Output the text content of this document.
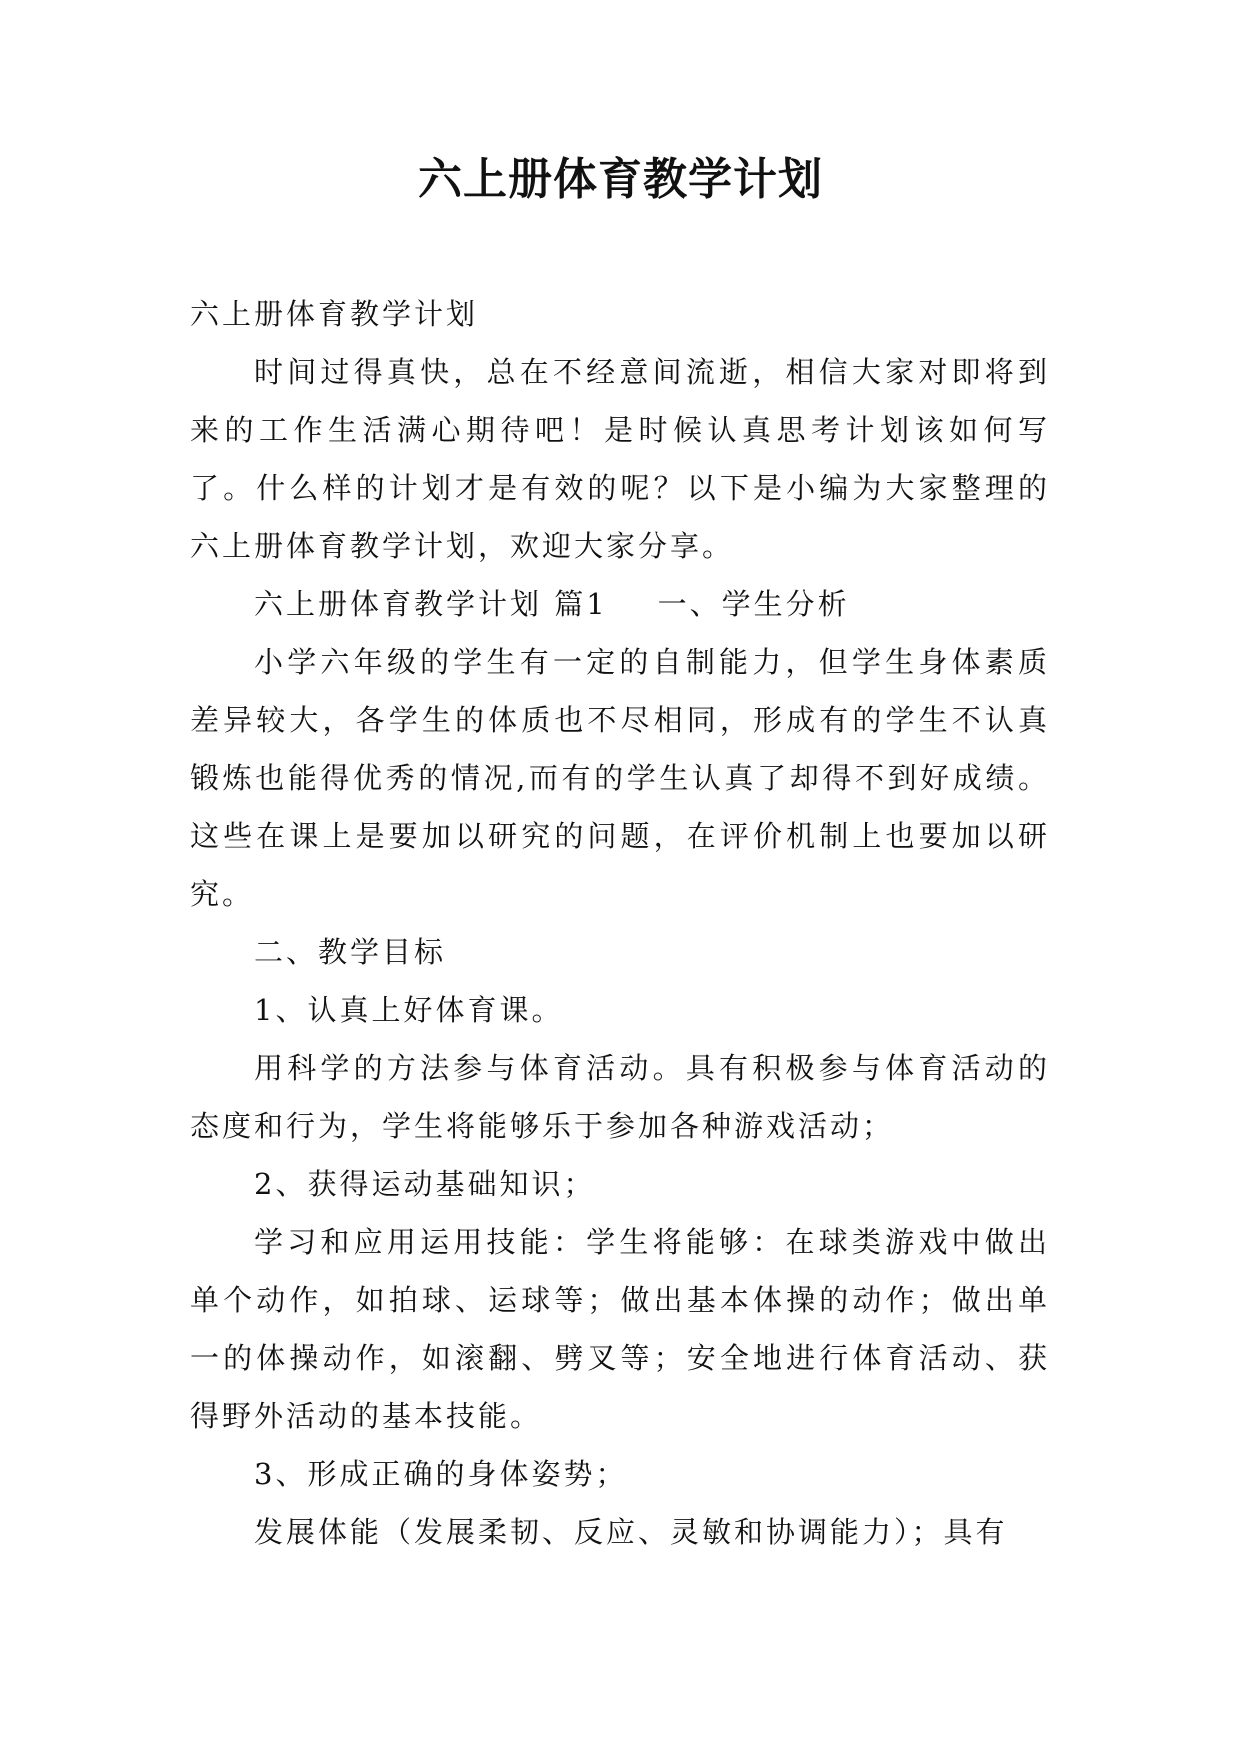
六上册体育教学计划

六上册体育教学计划

时间过得真快，总在不经意间流逝，相信大家对即将到来的工作生活满心期待吧！是时候认真思考计划该如何写了。什么样的计划才是有效的呢？以下是小编为大家整理的六上册体育教学计划，欢迎大家分享。

六上册体育教学计划 篇1 一、学生分析

小学六年级的学生有一定的自制能力，但学生身体素质差异较大，各学生的体质也不尽相同，形成有的学生不认真锻炼也能得优秀的情况,而有的学生认真了却得不到好成绩。这些在课上是要加以研究的问题，在评价机制上也要加以研究。

二、教学目标

1、认真上好体育课。

用科学的方法参与体育活动。具有积极参与体育活动的态度和行为，学生将能够乐于参加各种游戏活动；

2、获得运动基础知识；

学习和应用运用技能：学生将能够：在球类游戏中做出单个动作，如拍球、运球等；做出基本体操的动作；做出单一的体操动作，如滚翻、劈叉等；安全地进行体育活动、获得野外活动的基本技能。

3、形成正确的身体姿势；

发展体能（发展柔韧、反应、灵敏和协调能力）；具有
